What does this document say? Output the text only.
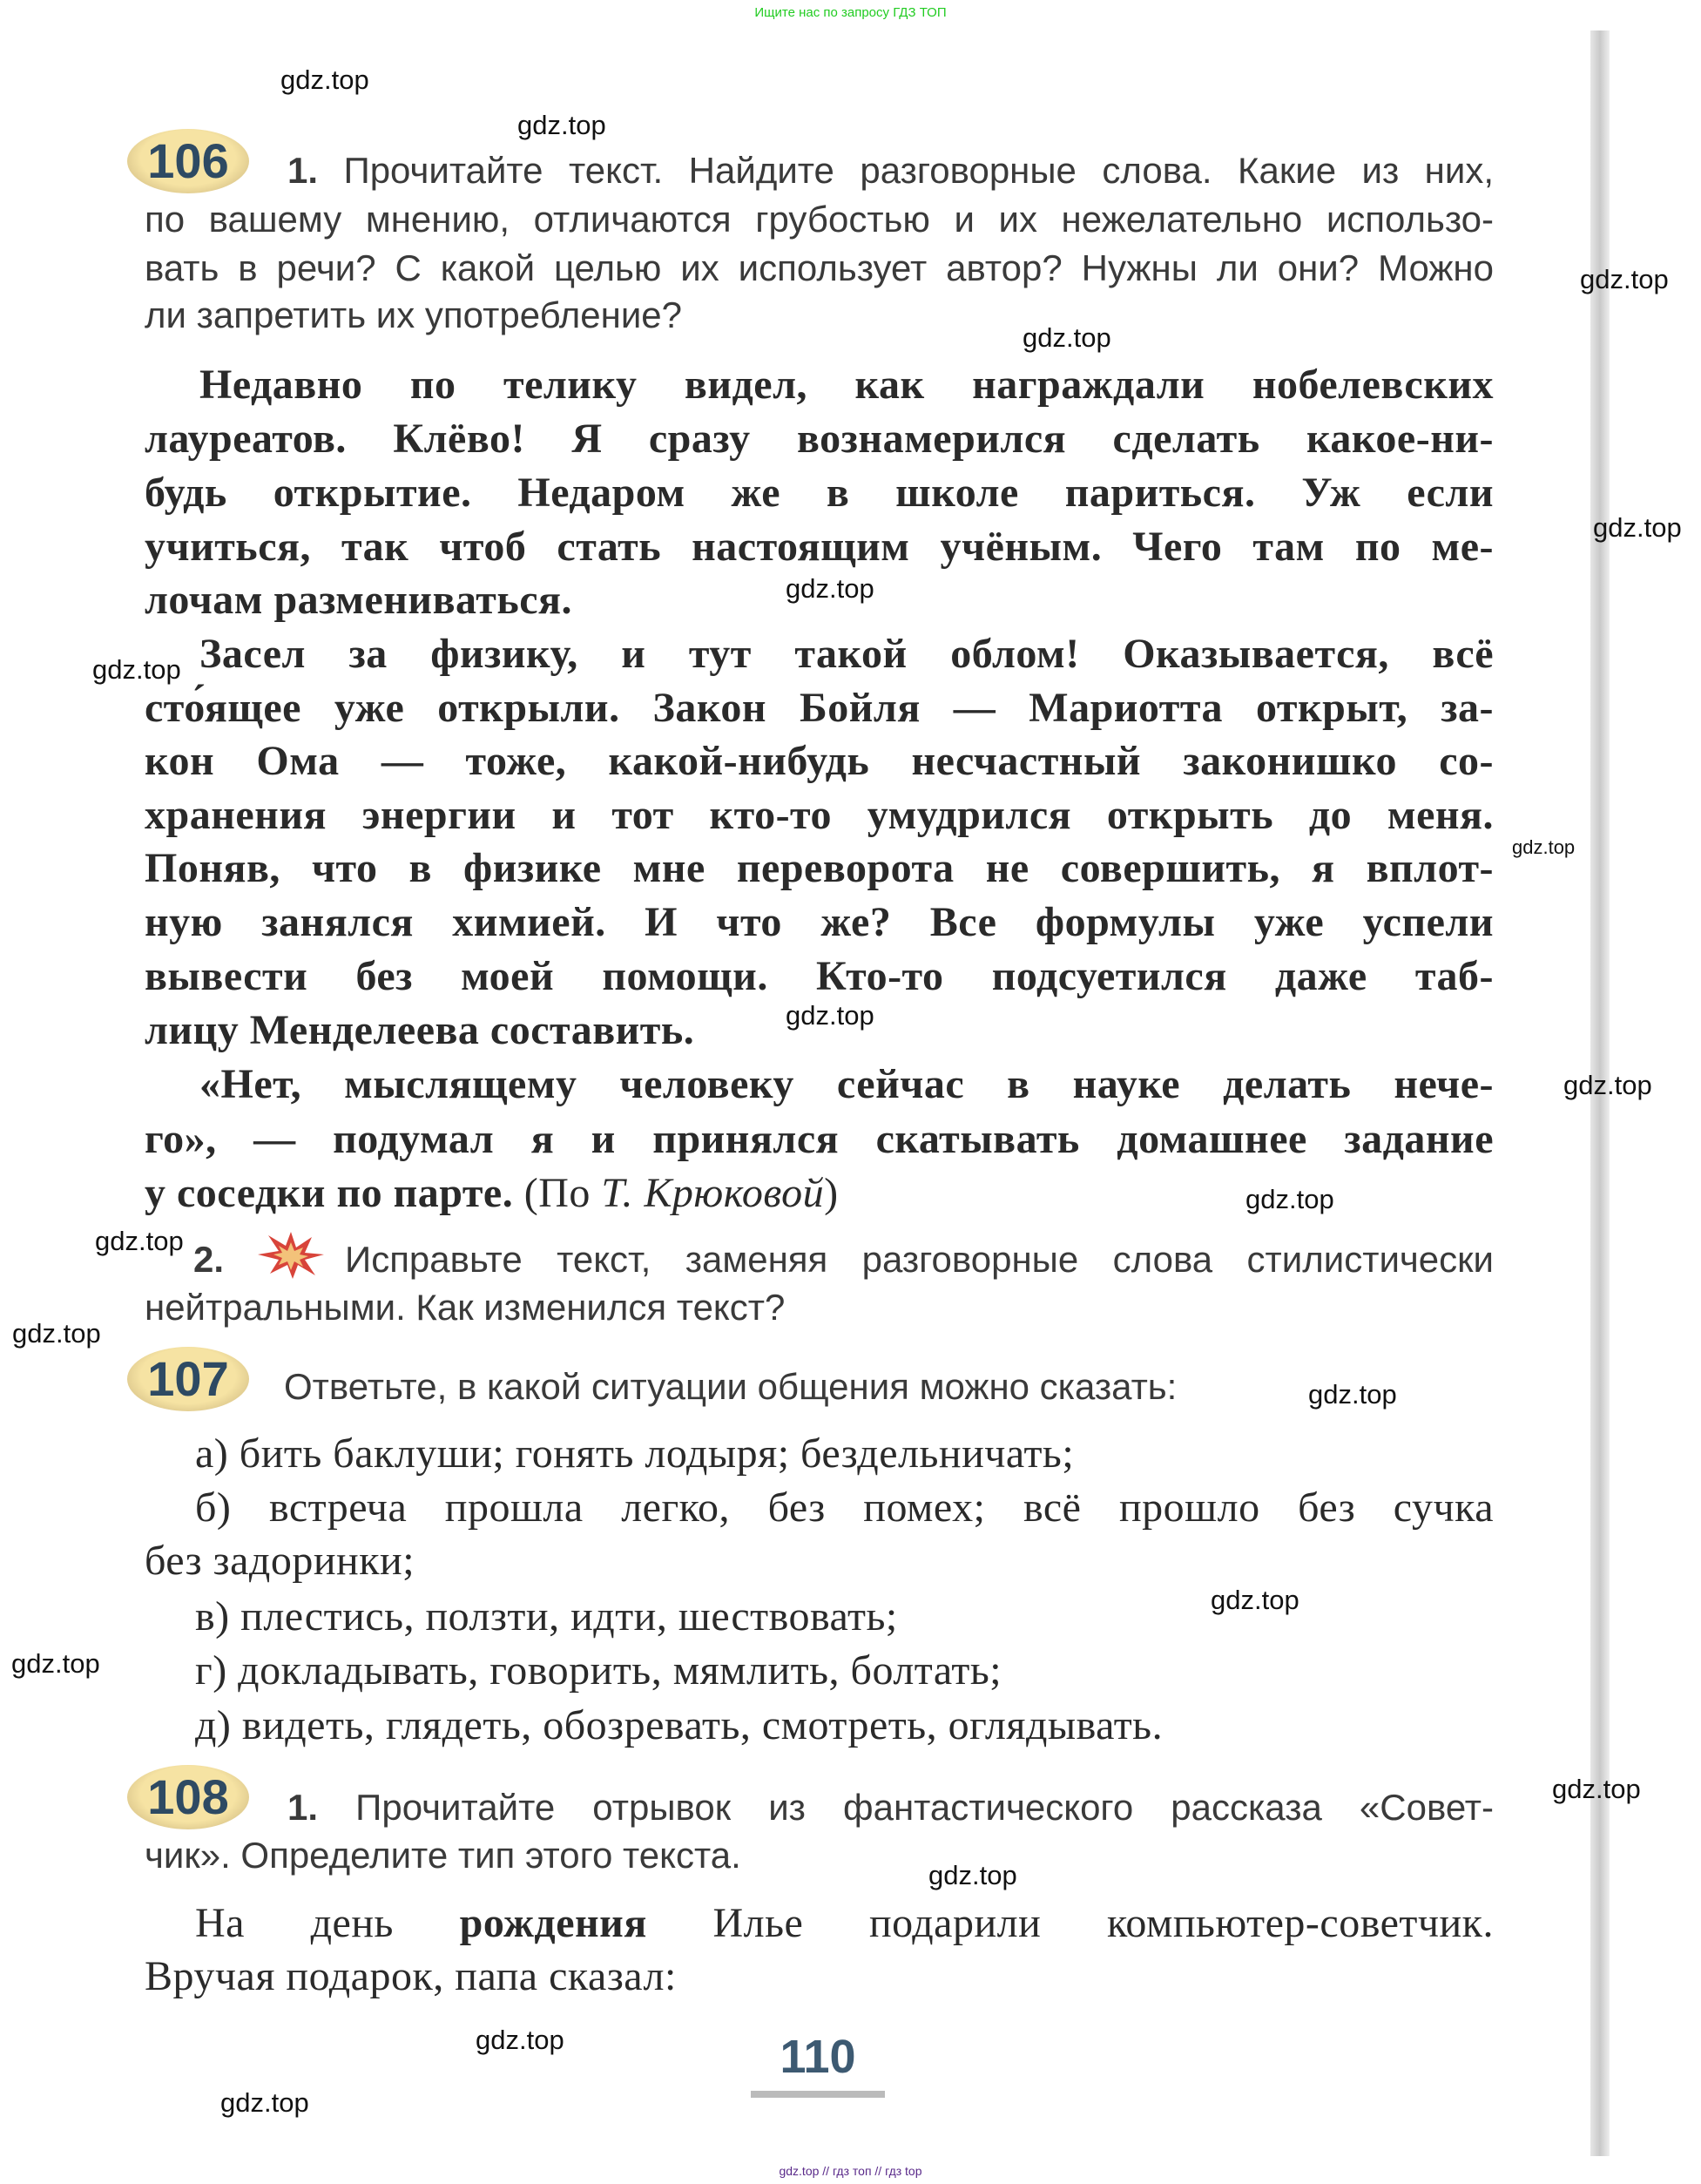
Ищите нас по запросу ГДЗ ТОП
106	1. Прочитайте текст. Найдите разговорные слова. Какие из них,
по вашему мнению, отличаются грубостью и их нежелательно использо-
вать в речи? С какой целью их использует автор? Нужны ли они? Можно
ли запретить их употребление?
Недавно по телику видел, как награждали нобелевских
лауреатов. Клёво! Я сразу вознамерился сделать какое-ни-
будь открытие. Недаром же в школе париться. Уж если
учиться, так чтоб стать настоящим учёным. Чего там по ме-
лочам размениваться.
Засел за физику, и тут такой облом! Оказывается, всё
сто́ящее уже открыли. Закон Бойля — Мариотта открыт, за-
кон Ома — тоже, какой-нибудь несчастный законишко со-
хранения энергии и тот кто-то умудрился открыть до меня.
Поняв, что в физике мне переворота не совершить, я вплот-
ную занялся химией. И что же? Все формулы уже успели
вывести без моей помощи. Кто-то подсуетился даже таб-
лицу Менделеева составить.
«Нет, мыслящему человеку сейчас в науке делать нече-
го», — подумал я и принялся скатывать домашнее задание
у соседки по парте. (По Т. Крюковой)
2.	Исправьте текст, заменяя разговорные слова стилистически
нейтральными. Как изменился текст?
107	Ответьте, в какой ситуации общения можно сказать:
а) бить баклуши; гонять лодыря; бездельничать;
б) встреча прошла легко, без помех; всё прошло без сучка
без задоринки;
в) плестись, ползти, идти, шествовать;
г) докладывать, говорить, мямлить, болтать;
д) видеть, глядеть, обозревать, смотреть, оглядывать.
108	1. Прочитайте отрывок из фантастического рассказа «Совет-
чик». Определите тип этого текста.
На день рождения Илье подарили компьютер-советчик.
Вручая подарок, папа сказал:
110
gdz.top // гдз топ // гдз top
gdz.top
gdz.top
gdz.top
gdz.top
gdz.top
gdz.top
gdz.top
gdz.top
gdz.top
gdz.top
gdz.top
gdz.top
gdz.top
gdz.top
gdz.top
gdz.top
gdz.top
gdz.top
gdz.top
gdz.top
